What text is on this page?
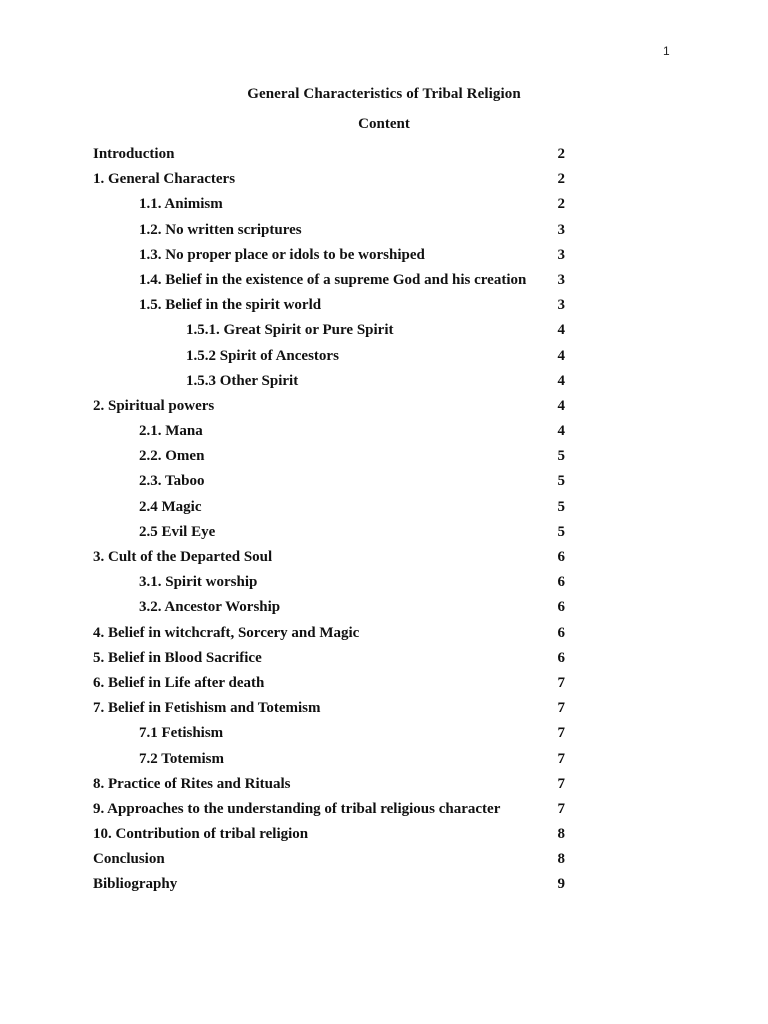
1
General Characteristics of Tribal Religion
Content
Introduction	2
1. General Characters	2
1.1. Animism	2
1.2. No written scriptures	3
1.3. No proper place or idols to be worshiped	3
1.4. Belief in the existence of a supreme God and his creation 3
1.5. Belief in the spirit world	3
1.5.1. Great Spirit or Pure Spirit	4
1.5.2 Spirit of Ancestors	4
1.5.3 Other Spirit	4
2. Spiritual powers	4
2.1. Mana	4
2.2. Omen	5
2.3. Taboo	5
2.4 Magic	5
2.5 Evil Eye	5
3. Cult of the Departed Soul	6
3.1. Spirit worship	6
3.2. Ancestor Worship	6
4. Belief in witchcraft, Sorcery and Magic	6
5. Belief in Blood Sacrifice	6
6. Belief in Life after death	7
7. Belief in Fetishism and Totemism	7
7.1 Fetishism	7
7.2 Totemism	7
8. Practice of Rites and Rituals	7
9. Approaches to the understanding of tribal religious character	7
10. Contribution of tribal religion	8
Conclusion	8
Bibliography	9
